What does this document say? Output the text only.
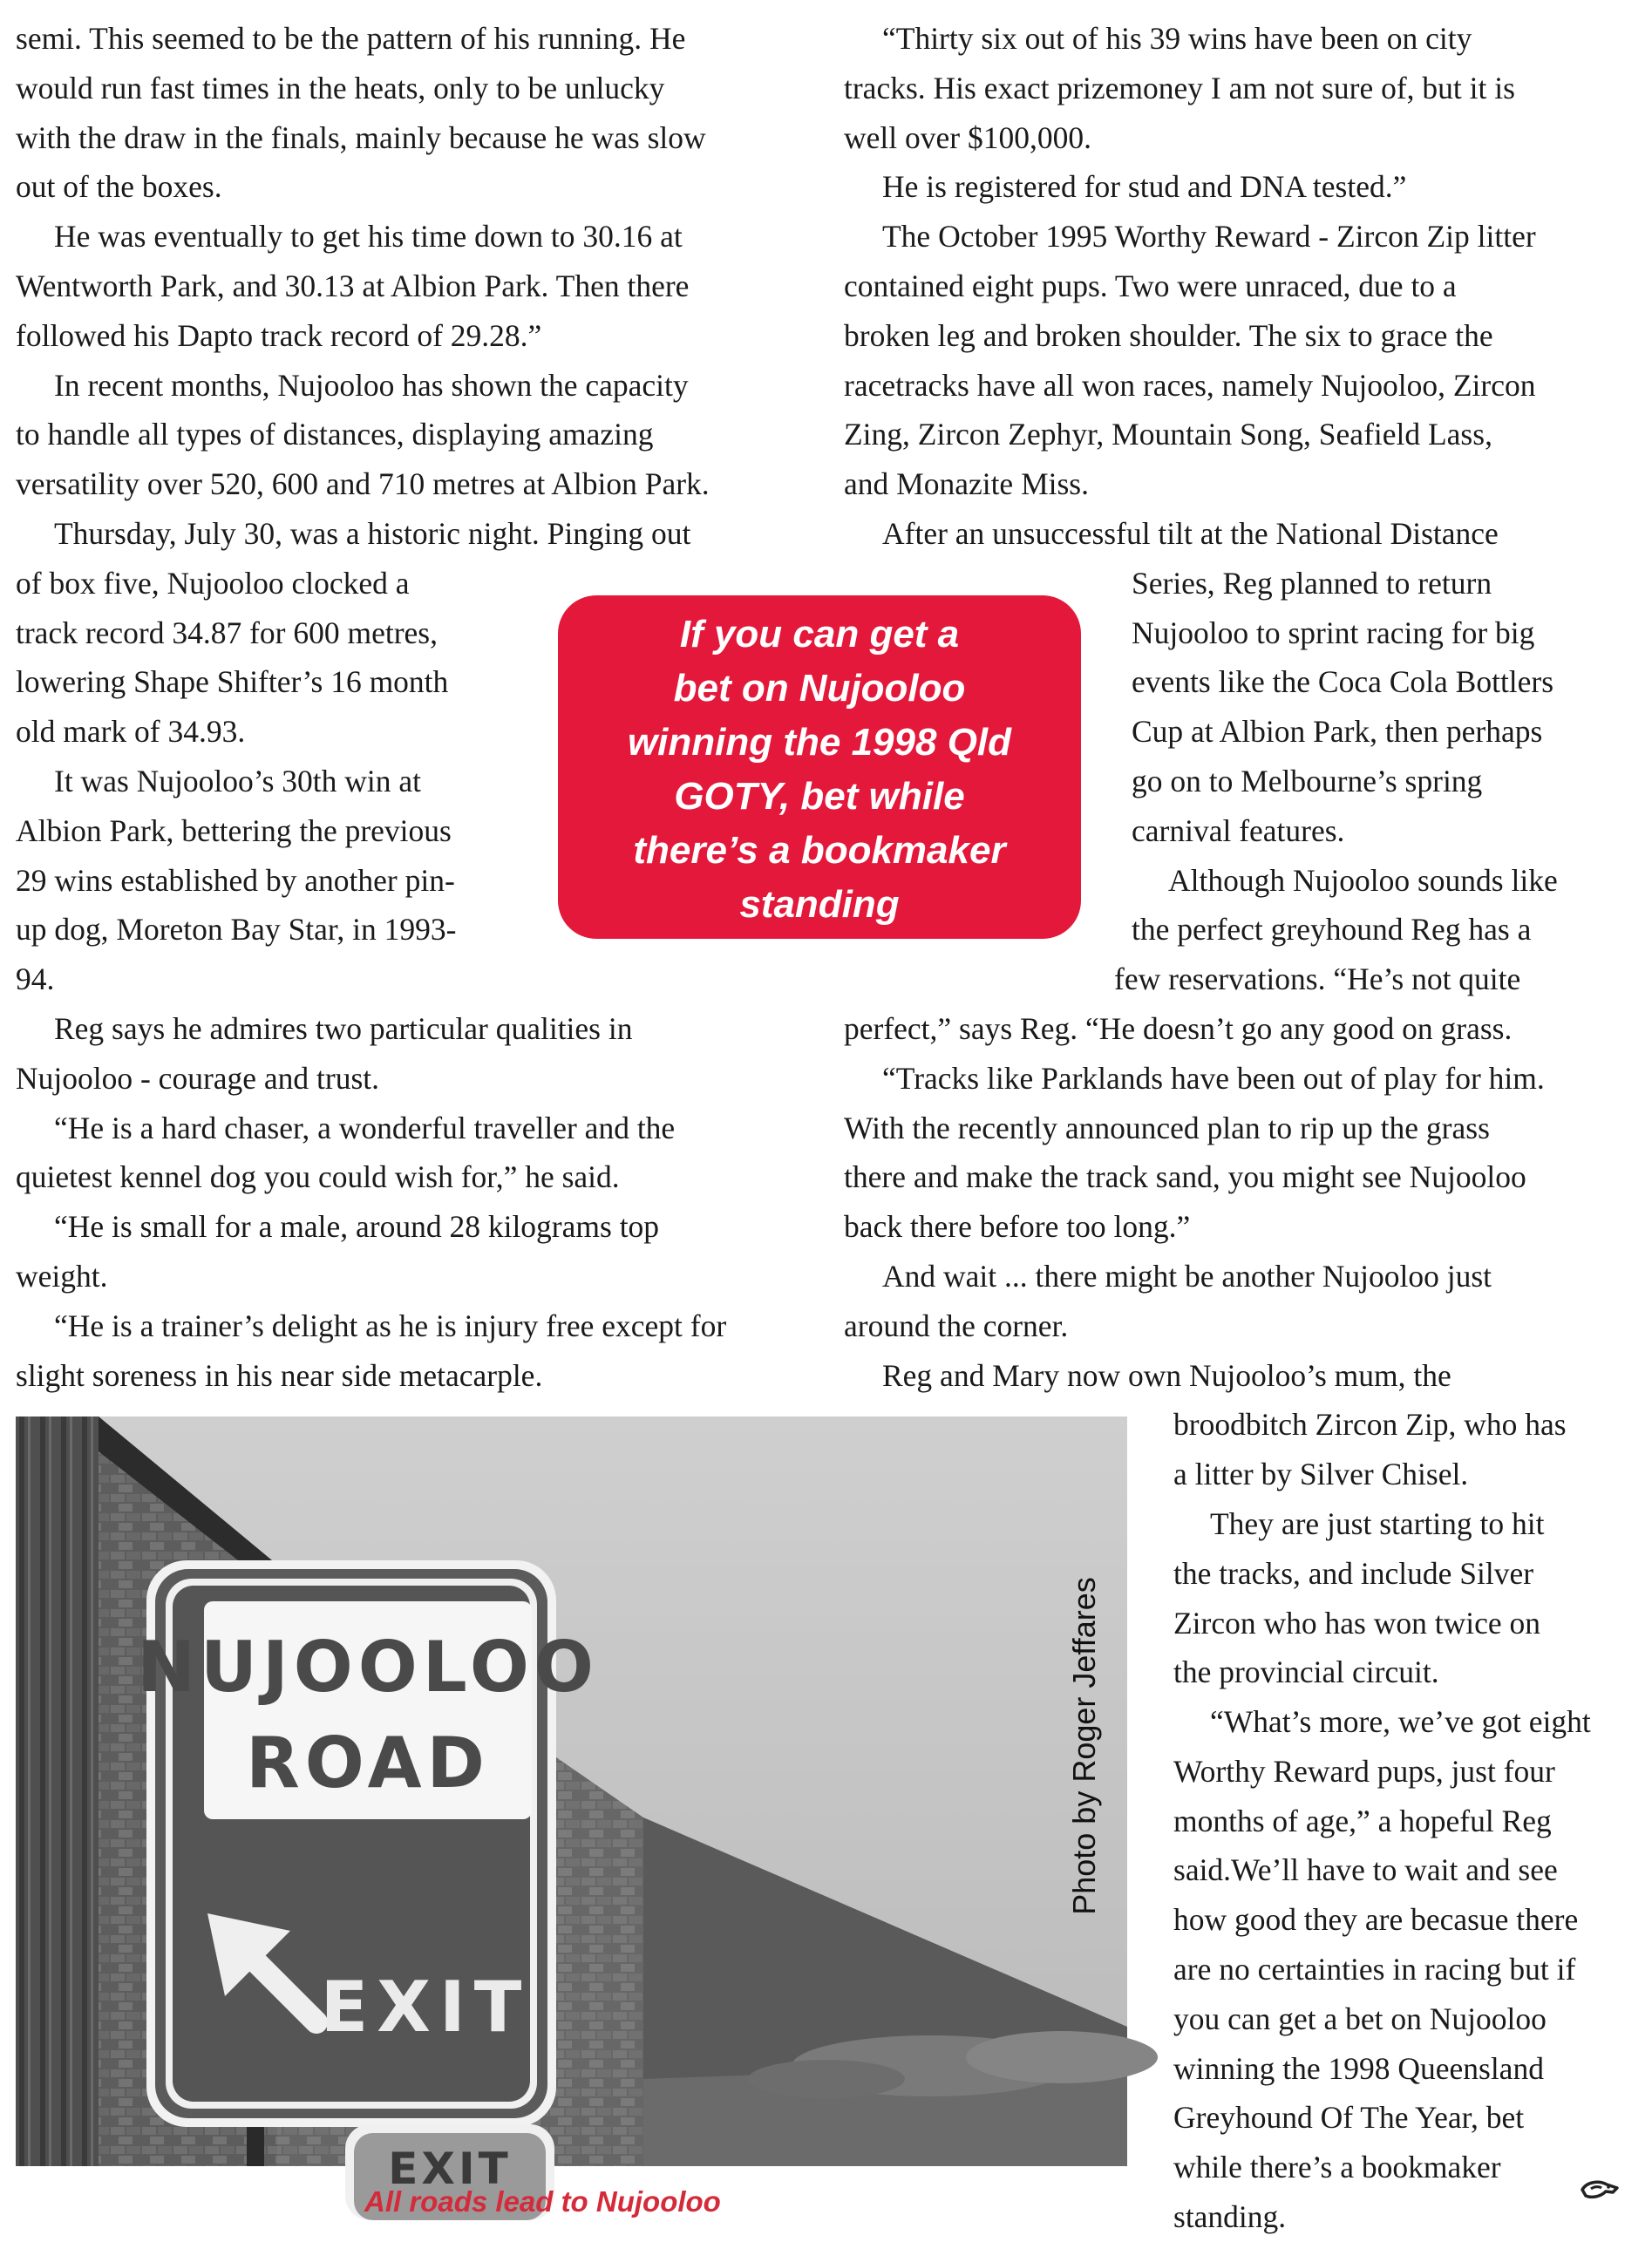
semi. This seemed to be the pattern of his running. He
would run fast times in the heats, only to be unlucky
with the draw in the finals, mainly because he was slow
out of the boxes.

He was eventually to get his time down to 30.16 at
Wentworth Park, and 30.13 at Albion Park. Then there
followed his Dapto track record of 29.28.”

In recent months, Nujooloo has shown the capacity
to handle all types of distances, displaying amazing
versatility over 520, 600 and 710 metres at Albion Park.

Thursday, July 30, was a historic night. Pinging out
of box five, Nujooloo clocked a
track record 34.87 for 600 metres,
lowering Shape Shifter’s 16 month
old mark of 34.93.

It was Nujooloo’s 30th win at
Albion Park, bettering the previous
29 wins established by another pin-
up dog, Moreton Bay Star, in 1993-
94.

Reg says he admires two particular qualities in
Nujooloo - courage and trust.

“He is a hard chaser, a wonderful traveller and the
quietest kennel dog you could wish for,” he said.

“He is small for a male, around 28 kilograms top
weight.

“He is a trainer’s delight as he is injury free except for
slight soreness in his near side metacarple.

“Thirty six out of his 39 wins have been on city
tracks. His exact prizemoney I am not sure of, but it is
well over $100,000.

He is registered for stud and DNA tested.”

The October 1995 Worthy Reward - Zircon Zip litter
contained eight pups. Two were unraced, due to a
broken leg and broken shoulder. The six to grace the
racetracks have all won races, namely Nujooloo, Zircon
Zing, Zircon Zephyr, Mountain Song, Seafield Lass,
and Monazite Miss.

After an unsuccessful tilt at the National Distance

Series, Reg planned to return
Nujooloo to sprint racing for big
events like the Coca Cola Bottlers
Cup at Albion Park, then perhaps
go on to Melbourne’s spring
carnival features.

Although Nujooloo sounds like

the perfect greyhound Reg has a

few reservations. “He’s not quite

perfect,” says Reg. “He doesn’t go any good on grass.

“Tracks like Parklands have been out of play for him.
With the recently announced plan to rip up the grass
there and make the track sand, you might see Nujooloo
back there before too long.”

And wait ... there might be another Nujooloo just
around the corner.

Reg and Mary now own Nujooloo’s mum, the

broodbitch Zircon Zip, who has
a litter by Silver Chisel.

They are just starting to hit

the tracks, and include Silver
Zircon who has won twice on
the provincial circuit.

“What’s more, we’ve got eight

Worthy Reward pups, just four
months of age,” a hopeful Reg
said.We’ll have to wait and see
how good they are becasue there
are no certainties in racing but if
you can get a bet on Nujooloo
winning the 1998 Queensland
Greyhound Of The Year, bet
while there’s a bookmaker
standing.

If you can get a
bet on Nujooloo
winning the 1998 Qld
GOTY, bet while
there’s a bookmaker
standing
NUJOOLOO
ROAD
EXIT
EXIT
Photo by Roger Jeffares
All roads lead to Nujooloo
